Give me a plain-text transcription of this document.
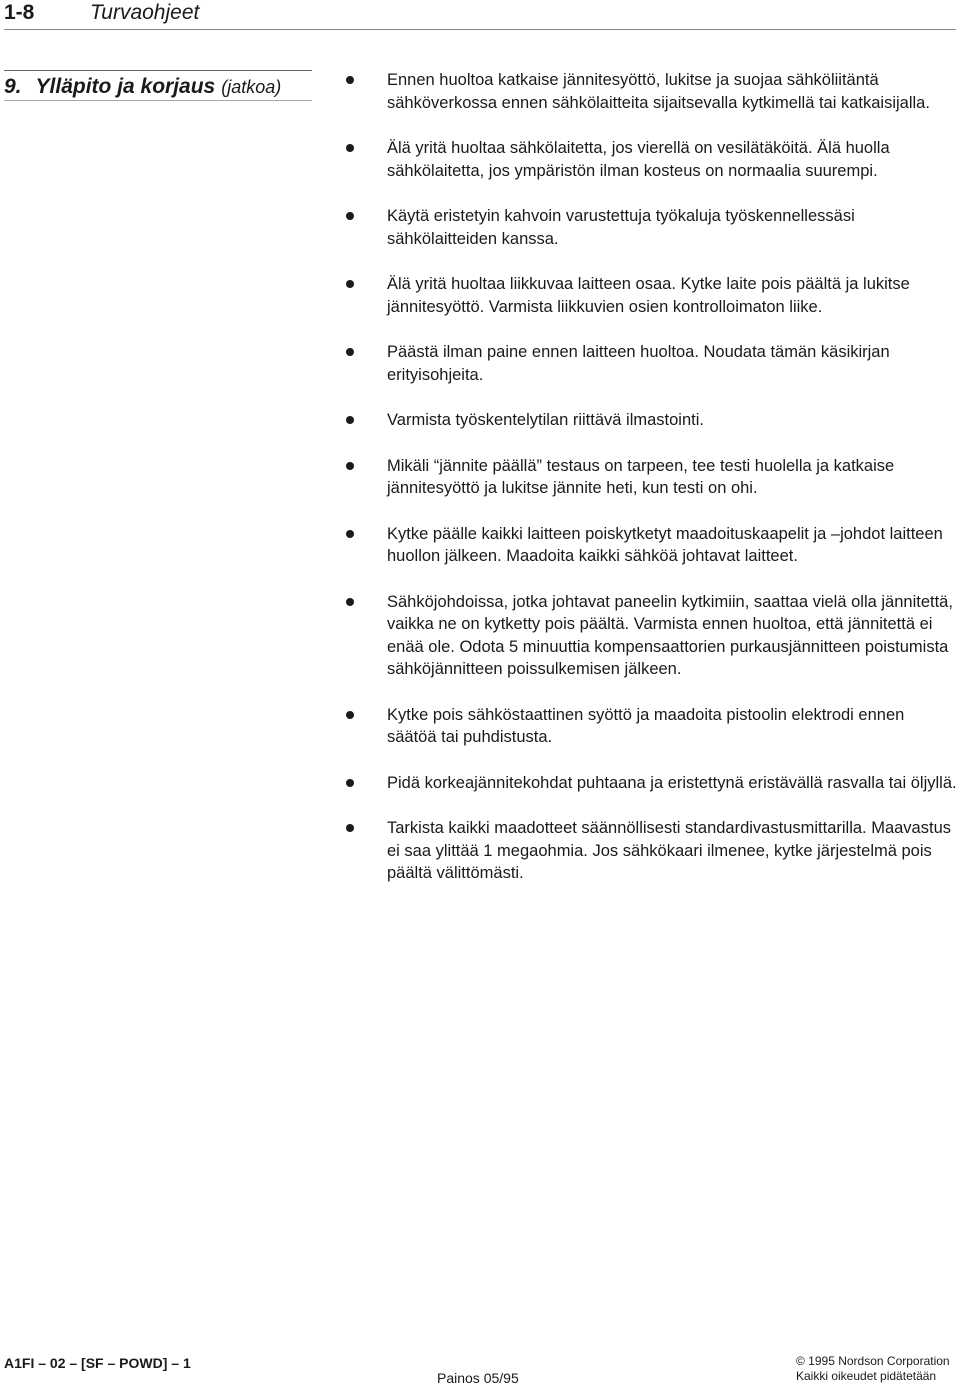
1-8	Turvaohjeet
9. Ylläpito ja korjaus (jatkoa)	Ennen huoltoa katkaise jännitesyöttö, lukitse ja suojaa sähköliitäntä sähköverkossa ennen sähkölaitteita sijaitsevalla kytkimellä tai katkaisijalla.
Älä yritä huoltaa sähkölaitetta, jos vierellä on vesilätäköitä. Älä huolla sähkölaitetta, jos ympäristön ilman kosteus on normaalia suurempi.
Käytä eristetyin kahvoin varustettuja työkaluja työskennellessäsi sähkölaitteiden kanssa.
Älä yritä huoltaa liikkuvaa laitteen osaa. Kytke laite pois päältä ja lukitse jännitesyöttö. Varmista liikkuvien osien kontrolloimaton liike.
Päästä ilman paine ennen laitteen huoltoa. Noudata tämän käsikirjan erityisohjeita.
Varmista työskentelytilan riittävä ilmastointi.
Mikäli “jännite päällä” testaus on tarpeen, tee testi huolella ja katkaise jännitesyöttö ja lukitse jännite heti, kun testi on ohi.
Kytke päälle kaikki laitteen poiskytketyt maadoituskaapelit ja –johdot laitteen huollon jälkeen. Maadoita kaikki sähköä johtavat laitteet.
Sähköjohdoissa, jotka johtavat paneelin kytkimiin, saattaa vielä olla jännitettä, vaikka ne on kytketty pois päältä. Varmista ennen huoltoa, että jännitettä ei enää ole. Odota 5 minuuttia kompensaattorien purkausjännitteen poistumista sähköjännitteen poissulkemisen jälkeen.
Kytke pois sähköstaattinen syöttö ja maadoita pistoolin elektrodi ennen säätöä tai puhdistusta.
Pidä korkeajännitekohdat puhtaana ja eristettynä eristävällä rasvalla tai öljyllä.
Tarkista kaikki maadotteet säännöllisesti standardivastusmittarilla. Maavastus ei saa ylittää 1 megaohmia. Jos sähkökaari ilmenee, kytke järjestelmä pois päältä välittömästi.
A1FI – 02 – [SF – POWD] – 1
Painos 05/95
© 1995 Nordson Corporation
Kaikki oikeudet pidätetään
